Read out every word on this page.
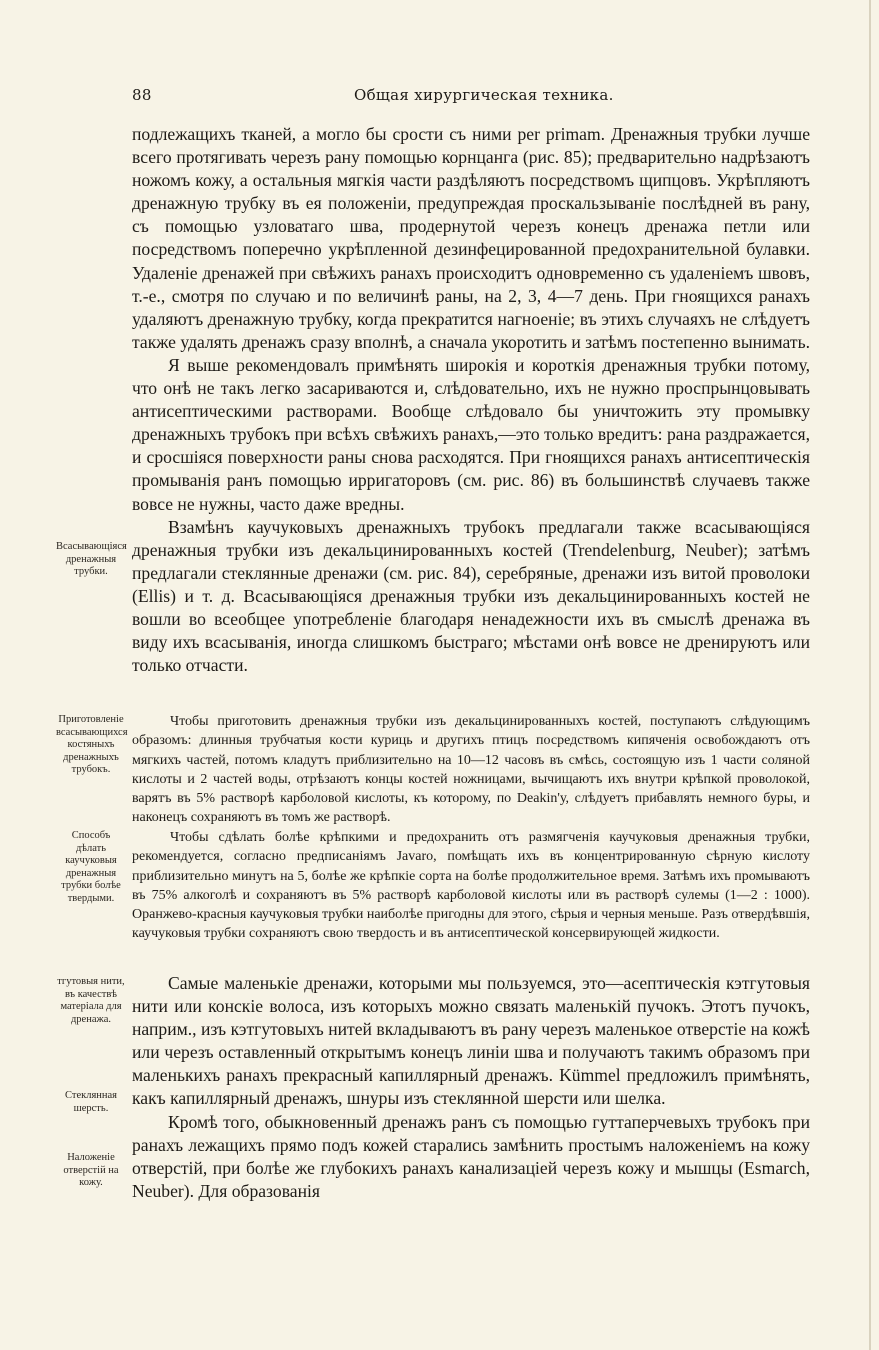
88	Общая хирургическая техника.

подлежащихъ тканей, а могло бы срости съ ними per primam. Дренажныя трубки лучше всего протягивать черезъ рану помощью корнцанга (рис. 85); предварительно надрѣзаютъ ножомъ кожу, а остальныя мягкія части раздѣляютъ посредствомъ щипцовъ. Укрѣпляютъ дренажную трубку въ ея положеніи, предупреждая проскальзываніе послѣдней въ рану, съ помощью узловатаго шва, продернутой черезъ конецъ дренажа петли или посредствомъ поперечно укрѣпленной дезинфецированной предохранительной булавки. Удаленіе дренажей при свѣжихъ ранахъ происходитъ одновременно съ удаленіемъ швовъ, т.-е., смотря по случаю и по величинѣ раны, на 2, 3, 4—7 день. При гноящихся ранахъ удаляютъ дренажную трубку, когда прекратится нагноеніе; въ этихъ случаяхъ не слѣдуетъ также удалять дренажъ сразу вполнѣ, а сначала укоротить и затѣмъ постепенно вынимать.

Я выше рекомендовалъ примѣнять широкія и короткія дренажныя трубки потому, что онѣ не такъ легко засариваются и, слѣдовательно, ихъ не нужно проспрынцовывать антисептическими растворами. Вообще слѣдовало бы уничтожить эту промывку дренажныхъ трубокъ при всѣхъ свѣжихъ ранахъ,—это только вредитъ: рана раздражается, и сросшіяся поверхности раны снова расходятся. При гноящихся ранахъ антисептическія промыванія ранъ помощью ирригаторовъ (см. рис. 86) въ большинствѣ случаевъ также вовсе не нужны, часто даже вредны.

Взамѣнъ каучуковыхъ дренажныхъ трубокъ предлагали также всасывающіяся дренажныя трубки изъ декальцинированныхъ костей (Trendelenburg, Neuber); затѣмъ предлагали стеклянные дренажи (см. рис. 84), серебряные, дренажи изъ витой проволоки (Ellis) и т. д. Всасывающіяся дренажныя трубки изъ декальцинированныхъ костей не вошли во всеобщее употребленіе благодаря ненадежности ихъ въ смыслѣ дренажа въ виду ихъ всасыванія, иногда слишкомъ быстраго; мѣстами онѣ вовсе не дренируютъ или только отчасти.

Чтобы приготовить дренажныя трубки изъ декальцинированныхъ костей, поступаютъ слѣдующимъ образомъ: длинныя трубчатыя кости куриць и другихъ птицъ посредствомъ кипяченія освобождаютъ отъ мягкихъ частей, потомъ кладутъ приблизительно на 10—12 часовъ въ смѣсь, состоящую изъ 1 части соляной кислоты и 2 частей воды, отрѣзаютъ концы костей ножницами, вычищаютъ ихъ внутри крѣпкой проволокой, варятъ въ 5% растворѣ карболовой кислоты, къ которому, по Deakin'у, слѣдуетъ прибавлять немного буры, и наконецъ сохраняютъ въ томъ же растворѣ.

Чтобы сдѣлать болѣе крѣпкими и предохранить отъ размягченія каучуковыя дренажныя трубки, рекомендуется, согласно предписаніямъ Javaro, помѣщать ихъ въ концентрированную сѣрную кислоту приблизительно минутъ на 5, болѣе же крѣпкіе сорта на болѣе продолжительное время. Затѣмъ ихъ промываютъ въ 75% алкоголѣ и сохраняютъ въ 5% растворѣ карболовой кислоты или въ растворѣ сулемы (1—2 : 1000). Оранжево-красныя каучуковыя трубки наиболѣе пригодны для этого, сѣрыя и черныя меньше. Разъ отвердѣвшія, каучуковыя трубки сохраняютъ свою твердость и въ антисептической консервирующей жидкости.

Самые маленькіе дренажи, которыми мы пользуемся, это—асептическія кэтгутовыя нити или конскіе волоса, изъ которыхъ можно связать маленькій пучокъ. Этотъ пучокъ, наприм., изъ кэтгутовыхъ нитей вкладываютъ въ рану черезъ маленькое отверстіе на кожѣ или черезъ оставленный открытымъ конецъ линіи шва и получаютъ такимъ образомъ при маленькихъ ранахъ прекрасный капиллярный дренажъ. Kümmel предложилъ примѣнять, какъ капиллярный дренажъ, шнуры изъ стеклянной шерсти или шелка.

Кромѣ того, обыкновенный дренажъ ранъ съ помощью гуттаперчевыхъ трубокъ при ранахъ лежащихъ прямо подъ кожей старались замѣнить простымъ наложеніемъ на кожу отверстій, при болѣе же глубокихъ ранахъ канализаціей черезъ кожу и мышцы (Esmarch, Neuber). Для образованія

Всасывающіяся дренажныя трубки.
Приготовленіе всасывающихся костяныхъ дренажныхъ трубокъ.
Способъ дѣлать каучуковыя дренажныя трубки болѣе твердыми.
тгутовыя нити, въ качествѣ матеріала для дренажа.
Стеклянная шерсть.
Наложеніе отверстій на кожу.
